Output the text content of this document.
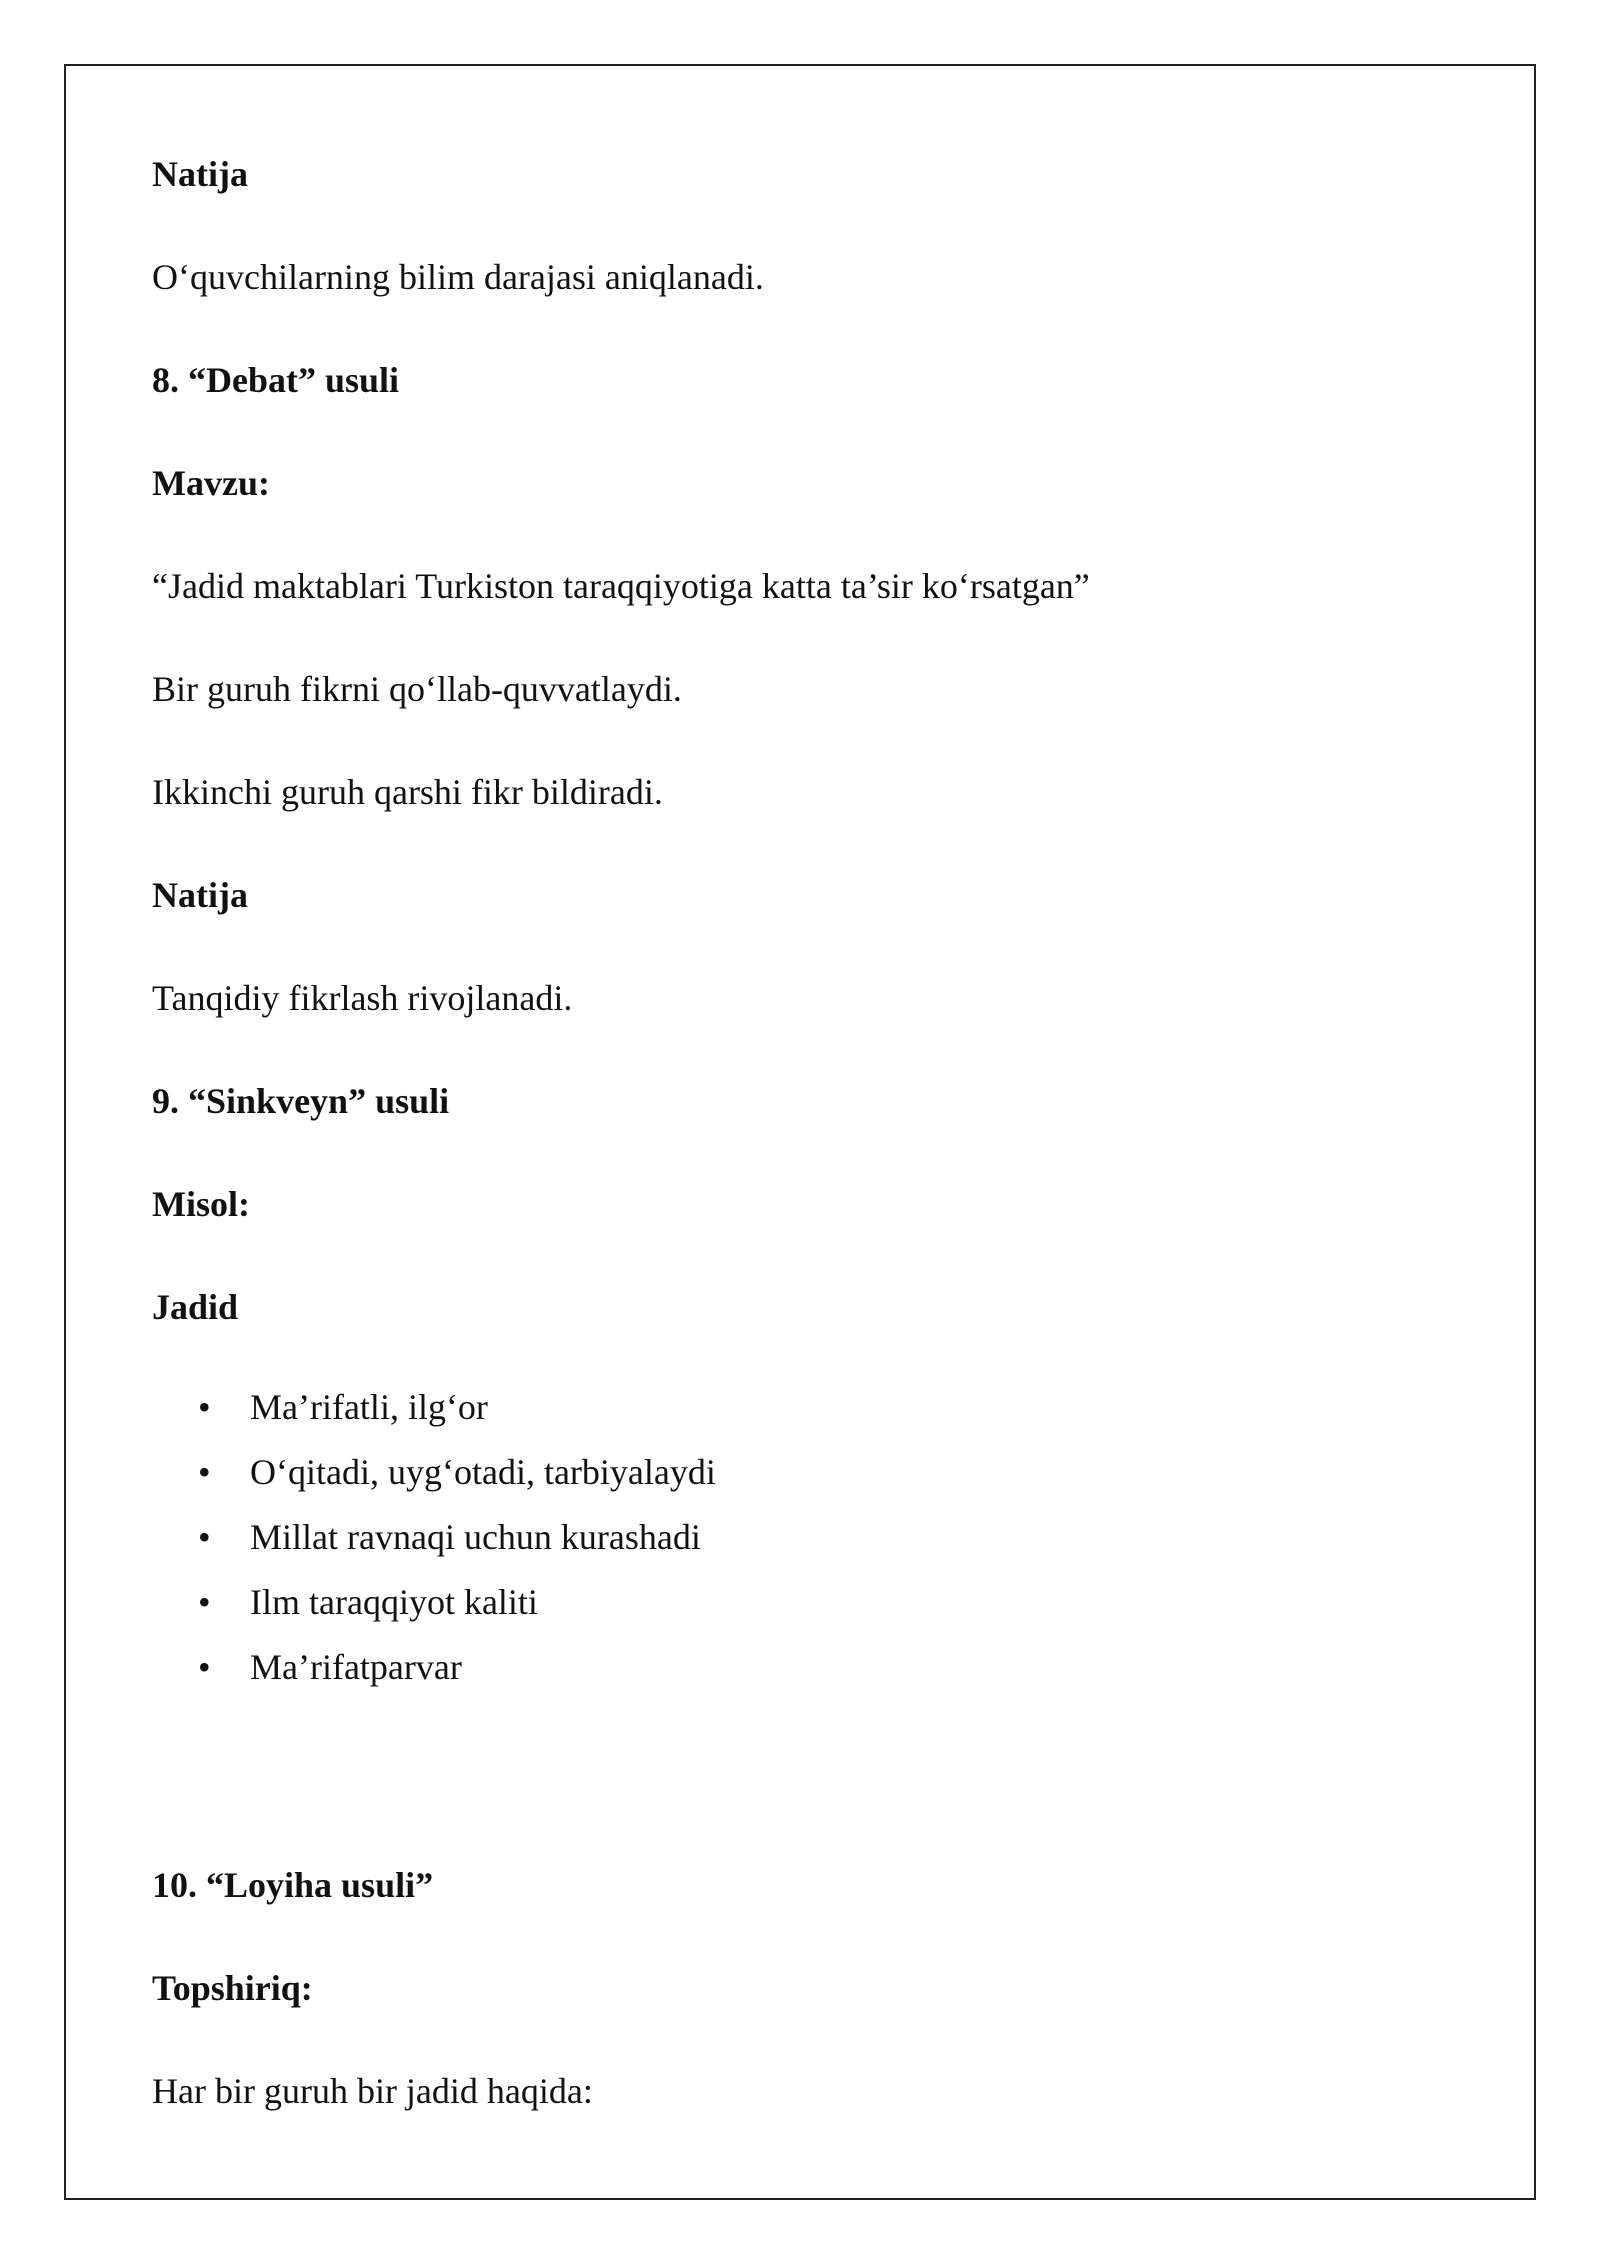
Natija
O‘quvchilarning bilim darajasi aniqlanadi.
8. “Debat” usuli
Mavzu:
“Jadid maktablari Turkiston taraqqiyotiga katta ta’sir ko‘rsatgan”
Bir guruh fikrni qo‘llab-quvvatlaydi.
Ikkinchi guruh qarshi fikr bildiradi.
Natija
Tanqidiy fikrlash rivojlanadi.
9. “Sinkveyn” usuli
Misol:
Jadid
• Ma’rifatli, ilg‘or
• O‘qitadi, uyg‘otadi, tarbiyalaydi
• Millat ravnaqi uchun kurashadi
• Ilm taraqqiyot kaliti
• Ma’rifatparvar
10. “Loyiha usuli”
Topshiriq:
Har bir guruh bir jadid haqida:
